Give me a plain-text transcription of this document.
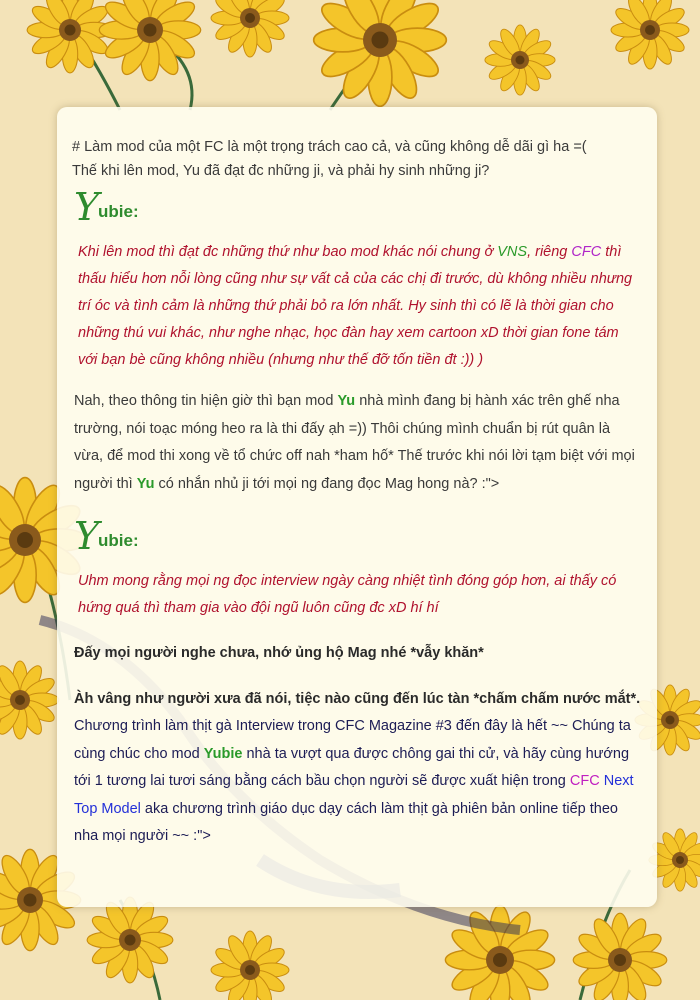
# Làm mod của một FC là một trọng trách cao cả, và cũng không dễ dãi gì ha =(
Thế khi lên mod, Yu đã đạt đc những ji, và phải hy sinh những ji?
Y
ubie:
Khi lên mod thì đạt đc những thứ như bao mod khác nói chung ở VNS, riêng CFC thì thấu hiểu hơn nỗi lòng cũng như sự vất cả của các chị đi trước, dù không nhiều nhưng trí óc và tình cảm là những thứ phải bỏ ra lớn nhất. Hy sinh thì có lẽ là thời gian cho những thú vui khác, như nghe nhạc, học đàn hay xem cartoon xD thời gian fone tám với bạn bè cũng không nhiều (nhưng như thế đỡ tốn tiền đt :)) )
Nah, theo thông tin hiện giờ thì bạn mod Yu nhà mình đang bị hành xác trên ghế nha trường, nói toạc móng heo ra là thi đấy ạh =)) Thôi chúng mình chuẩn bị rút quân là vừa, để mod thi xong về tổ chức off nah *ham hố* Thế trước khi nói lời tạm biệt với mọi người thì Yu có nhắn nhủ ji tới mọi ng đang đọc Mag hong nà? :">
Y
ubie:
Uhm mong rằng mọi ng đọc interview ngày càng nhiệt tình đóng góp hơn, ai thấy có hứng quá thì tham gia vào đội ngũ luôn cũng đc xD hí hí
Đấy mọi người nghe chưa, nhớ ủng hộ Mag nhé *vẫy khăn*
Àh vâng như người xưa đã nói, tiệc nào cũng đến lúc tàn *chấm chấm nước mắt*. Chương trình làm thịt gà Interview trong CFC Magazine #3 đến đây là hết ~~ Chúng ta cùng chúc cho mod Yubie nhà ta vượt qua được chông gai thi cử, và hãy cùng hướng tới 1 tương lai tươi sáng bằng cách bầu chọn người sẽ được xuất hiện trong CFC Next Top Model aka chương trình giáo dục dạy cách làm thịt gà phiên bản online tiếp theo nha mọi người ~~ :">
